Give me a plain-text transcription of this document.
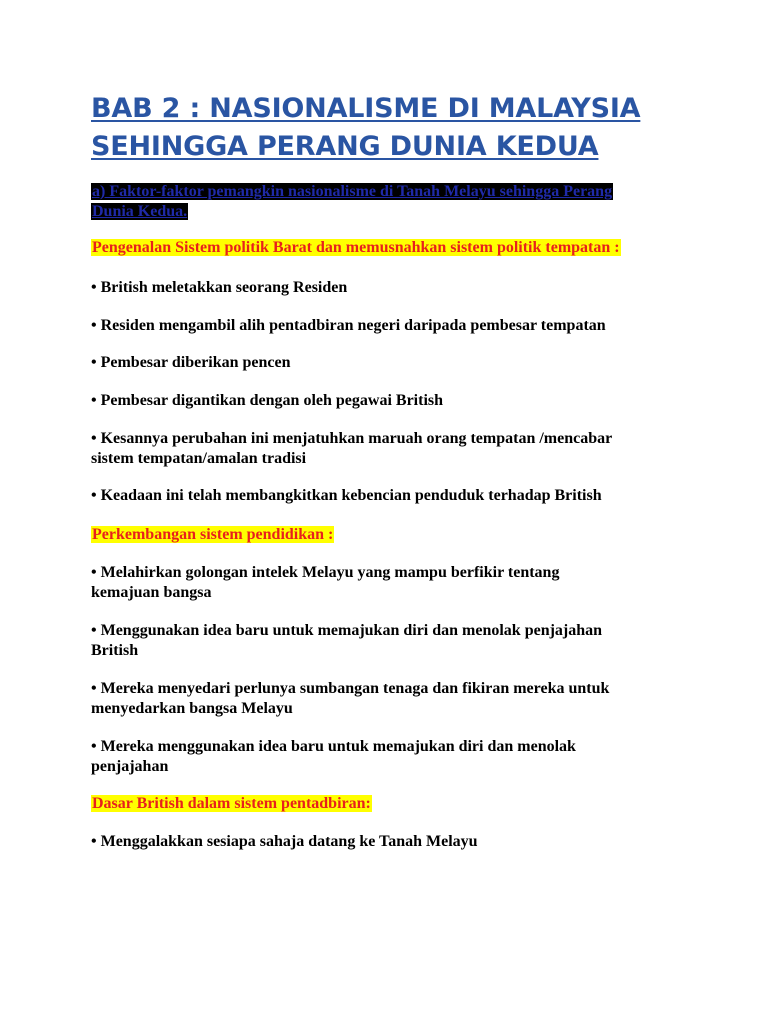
BAB 2 : NASIONALISME DI MALAYSIA
SEHINGGA PERANG DUNIA KEDUA

a) Faktor-faktor pemangkin nasionalisme di Tanah Melayu sehingga Perang
Dunia Kedua.

Pengenalan Sistem politik Barat dan memusnahkan sistem politik tempatan :

• British meletakkan seorang Residen

• Residen mengambil alih pentadbiran negeri daripada pembesar tempatan

• Pembesar diberikan pencen

• Pembesar digantikan dengan oleh pegawai British

• Kesannya perubahan ini menjatuhkan maruah orang tempatan /mencabar
sistem tempatan/amalan tradisi

• Keadaan ini telah membangkitkan kebencian penduduk terhadap British

Perkembangan sistem pendidikan :

• Melahirkan golongan intelek Melayu yang mampu berfikir tentang
kemajuan bangsa

• Menggunakan idea baru untuk memajukan diri dan menolak penjajahan
British

• Mereka menyedari perlunya sumbangan tenaga dan fikiran mereka untuk
menyedarkan bangsa Melayu

• Mereka menggunakan idea baru untuk memajukan diri dan menolak
penjajahan

Dasar British dalam sistem pentadbiran:

• Menggalakkan sesiapa sahaja datang ke Tanah Melayu
